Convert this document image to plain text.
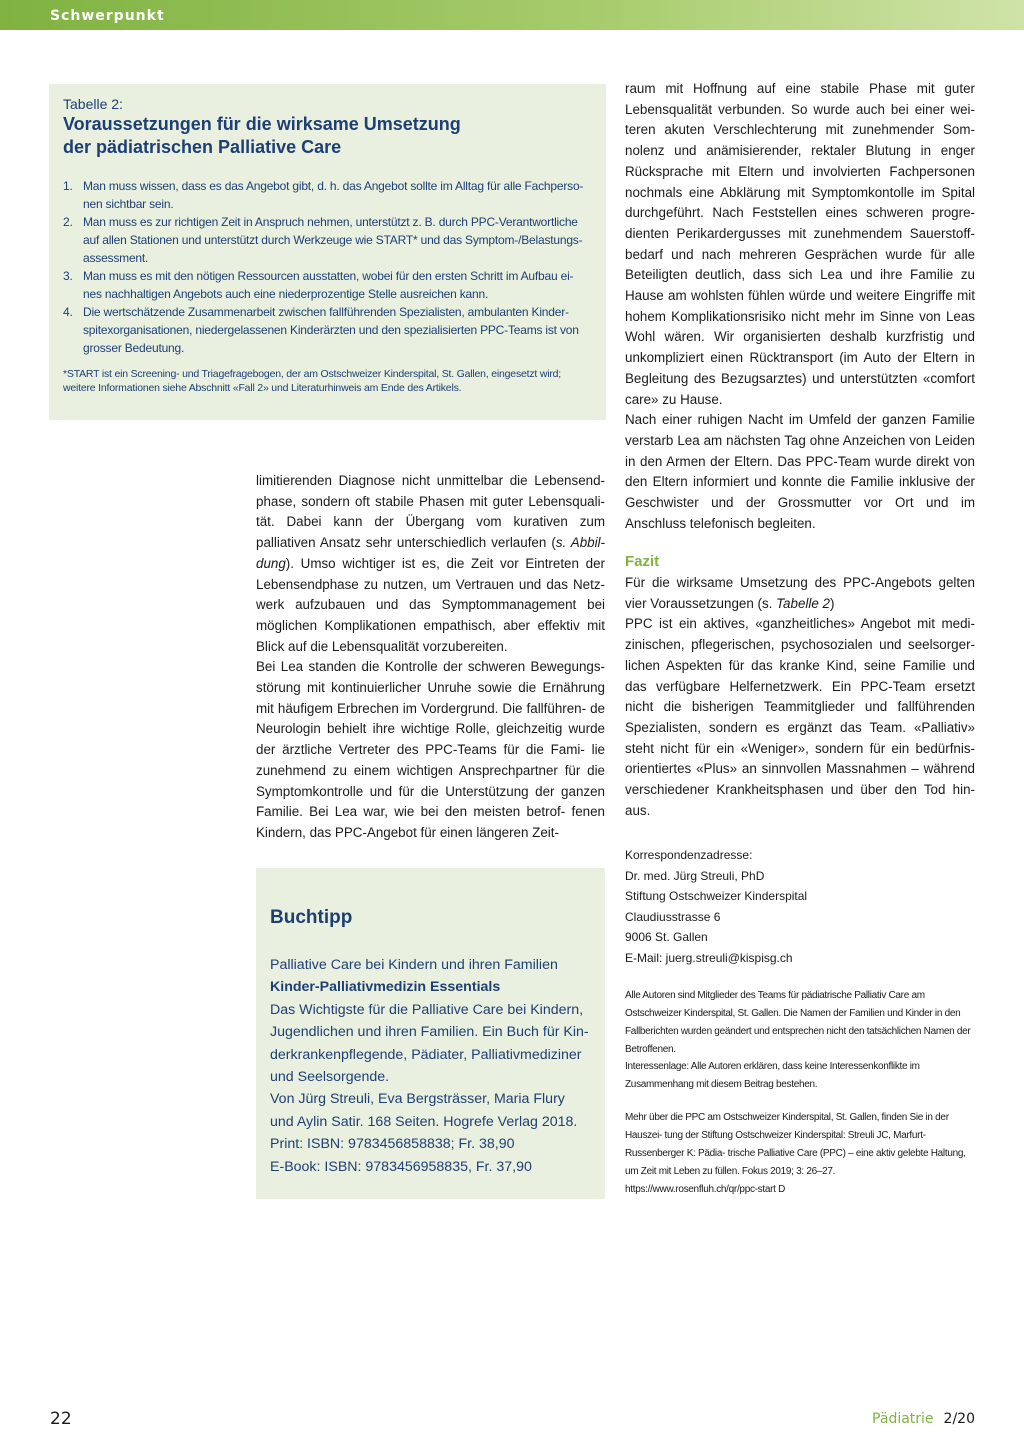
Schwerpunkt
Tabelle 2:
Voraussetzungen für die wirksame Umsetzung
der pädiatrischen Palliative Care
1. Man muss wissen, dass es das Angebot gibt, d. h. das Angebot sollte im Alltag für alle Fachperso- nen sichtbar sein.
2. Man muss es zur richtigen Zeit in Anspruch nehmen, unterstützt z. B. durch PPC-Verantwortliche auf allen Stationen und unterstützt durch Werkzeuge wie START* und das Symptom-/Belastungs- assessment.
3. Man muss es mit den nötigen Ressourcen ausstatten, wobei für den ersten Schritt im Aufbau ei- nes nachhaltigen Angebots auch eine niederprozentige Stelle ausreichen kann.
4. Die wertschätzende Zusammenarbeit zwischen fallführenden Spezialisten, ambulanten Kinder- spitexorganisationen, niedergelassenen Kinderärzten und den spezialisierten PPC-Teams ist von grosser Bedeutung.
*START ist ein Screening- und Triagefragebogen, der am Ostschweizer Kinderspital, St. Gallen, eingesetzt wird; weitere Informationen siehe Abschnitt «Fall 2» und Literaturhinweis am Ende des Artikels.

limitierenden Diagnose nicht unmittelbar die Lebensend- phase, sondern oft stabile Phasen mit guter Lebensquali- tät. Dabei kann der Übergang vom kurativen zum palliativen Ansatz sehr unterschiedlich verlaufen (s. Abbil- dung). Umso wichtiger ist es, die Zeit vor Eintreten der Lebensendphase zu nutzen, um Vertrauen und das Netz- werk aufzubauen und das Symptommanagement bei möglichen Komplikationen empathisch, aber effektiv mit Blick auf die Lebensqualität vorzubereiten.

Bei Lea standen die Kontrolle der schweren Bewegungs- störung mit kontinuierlicher Unruhe sowie die Ernährung mit häufigem Erbrechen im Vordergrund. Die fallführen- de Neurologin behielt ihre wichtige Rolle, gleichzeitig wurde der ärztliche Vertreter des PPC-Teams für die Fami- lie zunehmend zu einem wichtigen Ansprechpartner für die Symptomkontrolle und für die Unterstützung der ganzen Familie. Bei Lea war, wie bei den meisten betrof- fenen Kindern, das PPC-Angebot für einen längeren Zeit-

raum mit Hoffnung auf eine stabile Phase mit guter Lebensqualität verbunden. So wurde auch bei einer wei- teren akuten Verschlechterung mit zunehmender Som- nolenz und anämisierender, rektaler Blutung in enger Rücksprache mit Eltern und involvierten Fachpersonen nochmals eine Abklärung mit Symptomkontolle im Spital durchgeführt. Nach Feststellen eines schweren progre- dienten Perikardergusses mit zunehmendem Sauerstoff- bedarf und nach mehreren Gesprächen wurde für alle Beteiligten deutlich, dass sich Lea und ihre Familie zu Hause am wohlsten fühlen würde und weitere Eingriffe mit hohem Komplikationsrisiko nicht mehr im Sinne von Leas Wohl wären. Wir organisierten deshalb kurzfristig und unkompliziert einen Rücktransport (im Auto der Eltern in Begleitung des Bezugsarztes) und unterstützten «comfort care» zu Hause.

Nach einer ruhigen Nacht im Umfeld der ganzen Familie verstarb Lea am nächsten Tag ohne Anzeichen von Leiden in den Armen der Eltern. Das PPC-Team wurde direkt von den Eltern informiert und konnte die Familie inklusive der Geschwister und der Grossmutter vor Ort und im Anschluss telefonisch begleiten.

Fazit

Für die wirksame Umsetzung des PPC-Angebots gelten vier Voraussetzungen (s. Tabelle 2)

PPC ist ein aktives, «ganzheitliches» Angebot mit medi- zinischen, pflegerischen, psychosozialen und seelsorger- lichen Aspekten für das kranke Kind, seine Familie und das verfügbare Helfernetzwerk. Ein PPC-Team ersetzt nicht die bisherigen Teammitglieder und fallführenden Spezialisten, sondern es ergänzt das Team. «Palliativ» steht nicht für ein «Weniger», sondern für ein bedürfnis- orientiertes «Plus» an sinnvollen Massnahmen – während verschiedener Krankheitsphasen und über den Tod hin- aus.

Korrespondenzadresse:
Dr. med. Jürg Streuli, PhD
Stiftung Ostschweizer Kinderspital
Claudiusstrasse 6
9006 St. Gallen
E-Mail: juerg.streuli@kispisg.ch
Alle Autoren sind Mitglieder des Teams für pädiatrische Palliativ Care am Ostschweizer Kinderspital, St. Gallen. Die Namen der Familien und Kinder in den Fallberichten wurden geändert und entsprechen nicht den tatsächlichen Namen der Betroffenen.
Interessenlage: Alle Autoren erklären, dass keine Interessenkonflikte im Zusammenhang mit diesem Beitrag bestehen.
Mehr über die PPC am Ostschweizer Kinderspital, St. Gallen, finden Sie in der Hauszei- tung der Stiftung Ostschweizer Kinderspital: Streuli JC, Marfurt-Russenberger K: Pädia- trische Palliative Care (PPC) – eine aktiv gelebte Haltung, um Zeit mit Leben zu füllen. Fokus 2019; 3: 26–27.
https://www.rosenfluh.ch/qr/ppc-start D
Buchtipp
Palliative Care bei Kindern und ihren Familien
Kinder-Palliativmedizin Essentials
Das Wichtigste für die Palliative Care bei Kindern, Jugendlichen und ihren Familien. Ein Buch für Kin- derkrankenpflegende, Pädiater, Palliativmediziner und Seelsorgende.
Von Jürg Streuli, Eva Bergsträsser, Maria Flury und Aylin Satir. 168 Seiten. Hogrefe Verlag 2018.
Print: ISBN: 9783456858838; Fr. 38,90
E-Book: ISBN: 9783456958835, Fr. 37,90
22	Pädiatrie 2/20
